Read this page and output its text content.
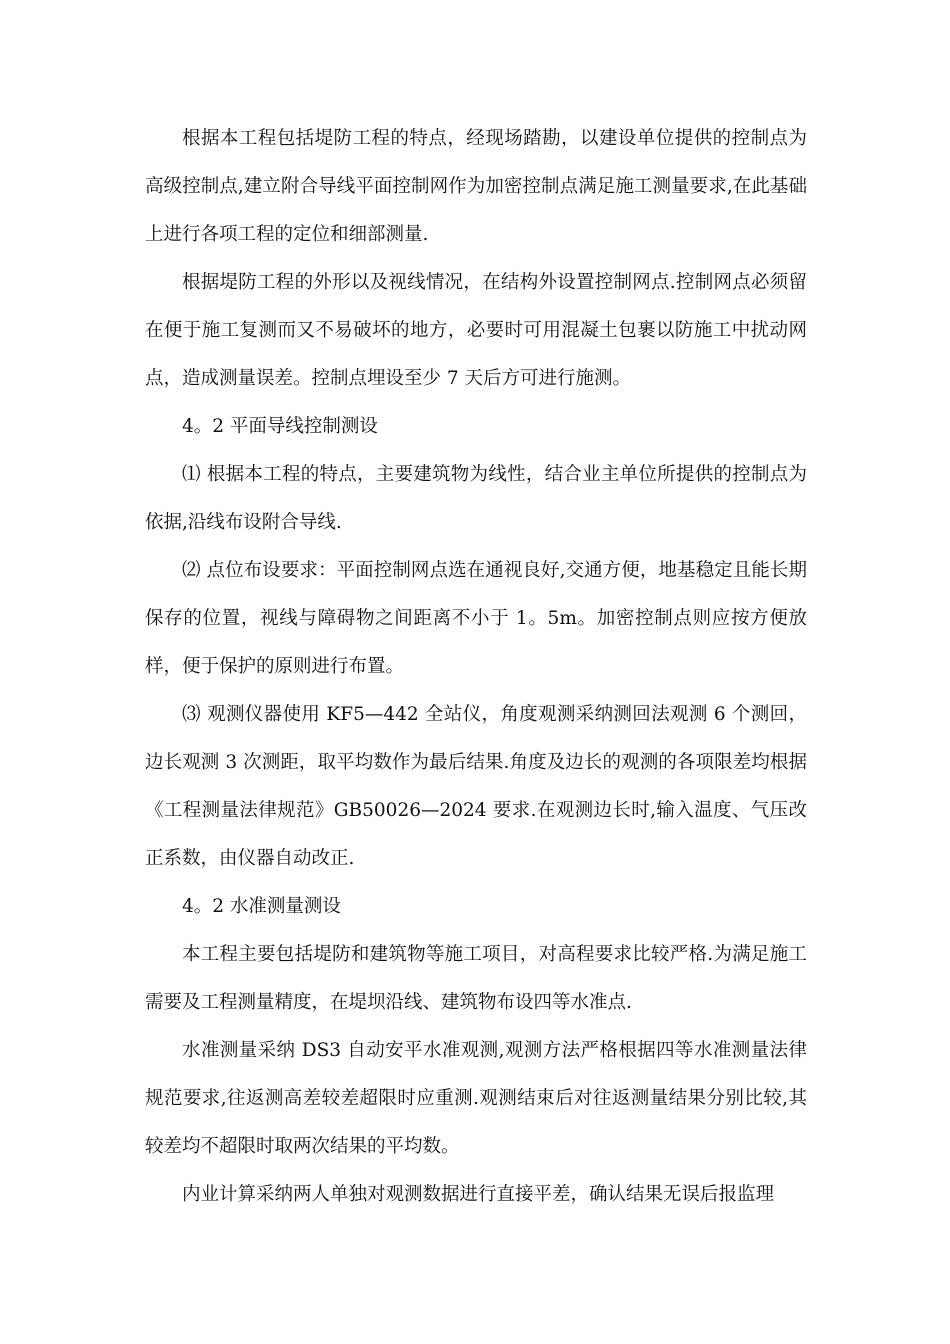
根据本工程包括堤防工程的特点，经现场踏勘，以建设单位提供的控制点为高级控制点,建立附合导线平面控制网作为加密控制点满足施工测量要求,在此基础上进行各项工程的定位和细部测量.

根据堤防工程的外形以及视线情况，在结构外设置控制网点.控制网点必须留在便于施工复测而又不易破坏的地方，必要时可用混凝土包裹以防施工中扰动网点，造成测量误差。控制点埋设至少 7 天后方可进行施测。

4。2 平面导线控制测设

⑴ 根据本工程的特点，主要建筑物为线性，结合业主单位所提供的控制点为依据,沿线布设附合导线.

⑵ 点位布设要求：平面控制网点选在通视良好,交通方便，地基稳定且能长期保存的位置，视线与障碍物之间距离不小于 1。5m。加密控制点则应按方便放样，便于保护的原则进行布置。

⑶ 观测仪器使用 KF5—442 全站仪，角度观测采纳测回法观测 6 个测回，边长观测 3 次测距，取平均数作为最后结果.角度及边长的观测的各项限差均根据《工程测量法律规范》GB50026—2024 要求.在观测边长时,输入温度、气压改正系数，由仪器自动改正.

4。2 水准测量测设

本工程主要包括堤防和建筑物等施工项目，对高程要求比较严格.为满足施工需要及工程测量精度，在堤坝沿线、建筑物布设四等水准点.

水准测量采纳 DS3 自动安平水准观测,观测方法严格根据四等水准测量法律规范要求,往返测高差较差超限时应重测.观测结束后对往返测量结果分别比较,其较差均不超限时取两次结果的平均数。

内业计算采纳两人单独对观测数据进行直接平差，确认结果无误后报监理
